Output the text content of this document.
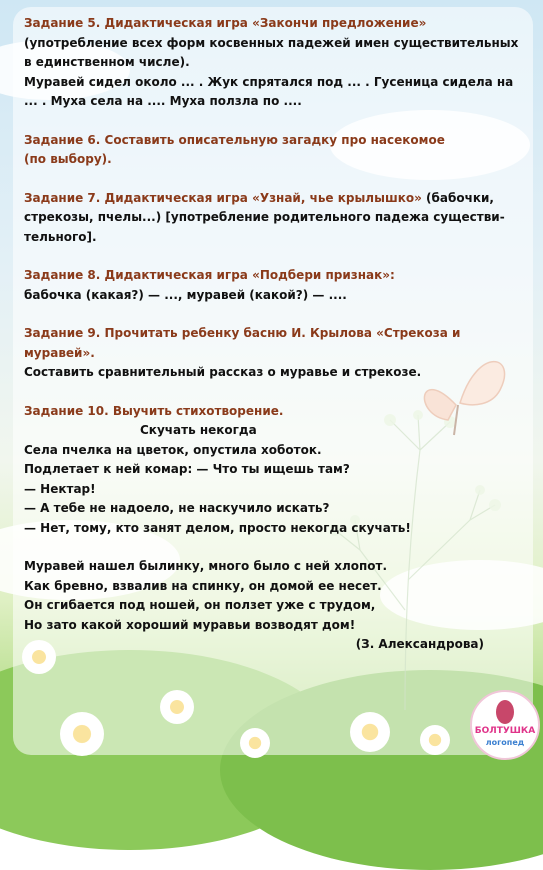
Задание 5. Дидактическая игра «Закончи предложение»

(употребление всех форм косвенных падежей имен существительных в единственном числе).
Муравей сидел около ... . Жук спрятался под ... . Гусеница сидела на ... . Муха села на .... Муха ползла по ....

Задание 6. Составить описательную загадку про насекомое
(по выбору).

Задание 7. Дидактическая игра «Узнай, чье крылышко» (бабочки, стрекозы, пчелы...) [употребление родительного падежа существи-тельного].

Задание 8. Дидактическая игра «Подбери признак»:

бабочка (какая?) — ..., муравей (какой?) — ....

Задание 9. Прочитать ребенку басню И. Крылова «Стрекоза и муравей».

Составить сравнительный рассказ о муравье и стрекозе.

Задание 10. Выучить стихотворение.

Скучать некогда

Села пчелка на цветок, опустила хоботок.
Подлетает к ней комар: — Что ты ищешь там?
— Нектар!
— А тебе не надоело, не наскучило искать?
— Нет, тому, кто занят делом, просто некогда скучать!

Муравей нашел былинку, много было с ней хлопот.
Как бревно, взвалив на спинку, он домой ее несет.
Он сгибается под ношей, он ползет уже с трудом,
Но зато какой хороший муравьи возводят дом!

(З. Александрова)

БОЛТУШКА
логопед
